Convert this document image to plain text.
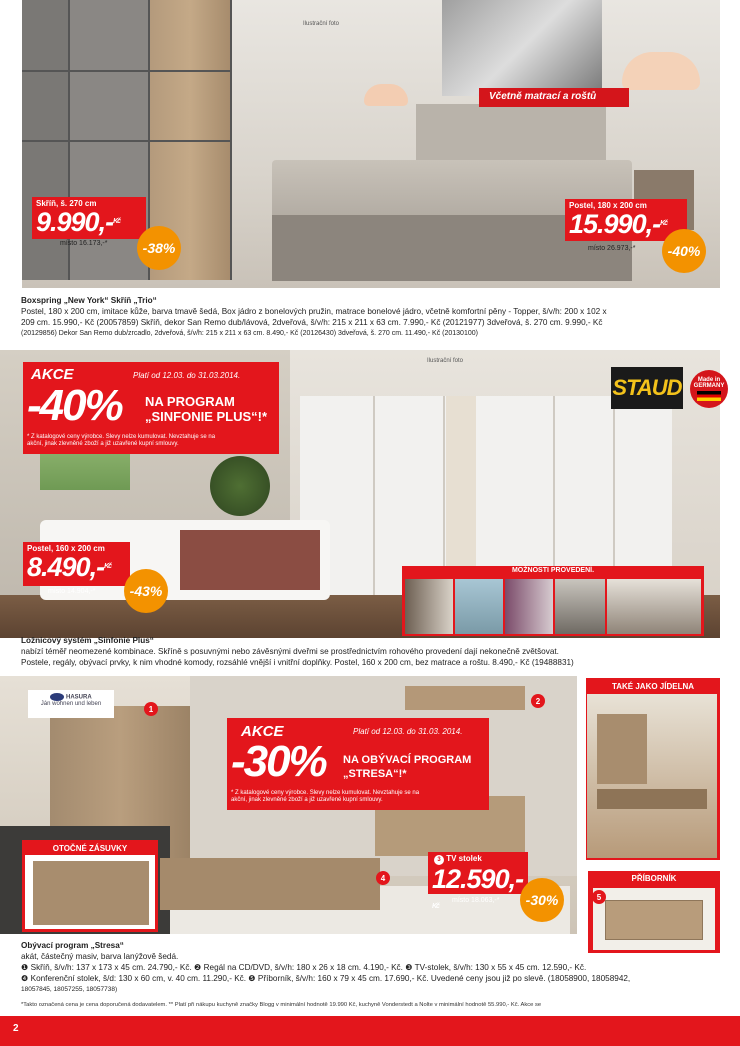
Ilustrační foto
Včetně matrací a roštů
Skříň, š. 270 cm
9.990,-$^{Kč}$
místo 16.173,-*	-38%
Postel, 180 x 200 cm
15.990,-$^{Kč}$
místo 26.973,-*	-40%
Boxspring „New York“ Skříň „Trio“
Postel, 180 x 200 cm, imitace kůže, barva tmavě šedá, Box jádro z bonelových pružin, matrace bonelové jádro, včetně komfortní pěny - Topper, š/v/h: 200 x 102 x
209 cm. 15.990,- Kč (20057859) Skříň, dekor San Remo dub/lávová, 2dveřová, š/v/h: 215 x 211 x 63 cm. 7.990,- Kč (20121977) 3dveřová, š. 270 cm. 9.990,- Kč
(20129856) Dekor San Remo dub/zrcadlo, 2dveřová, š/v/h: 215 x 211 x 63 cm. 8.490,- Kč (20126430) 3dveřová, š. 270 cm. 11.490,- Kč (20130100)
Ilustrační foto
AKCE	Platí od 12.03. do 31.03.2014.
-40% NA PROGRAM
„SINFONIE PLUS“!*
* Z katalogové ceny výrobce. Slevy nelze kumulovat. Nevztahuje se na
akční, jinak zlevněné zboží a již uzavřené kupní smlouvy.
STAUD	Made in
GERMANY
Postel, 160 x 200 cm
8.490,-$^{Kč}$
místo 14.904,-*	-43%
MOŽNOSTI PROVEDENÍ.
Ložnicový systém „Sinfonie Plus“
nabízí téměř neomezené kombinace. Skříně s posuvnými nebo závěsnými dveřmi se prostřednictvím rohového provedení dají nekonečně zvětšovat.
Postele, regály, obývací prvky, k nim vhodné komody, rozsáhlé vnější i vnitřní doplňky. Postel, 160 x 200 cm, bez matrace a roštu. 8.490,- Kč (19488831)
HASURA
Ján wohnen und leben
1
2
4
AKCE	Platí od 12.03. do 31.03. 2014.
-30% NA OBÝVACÍ PROGRAM
„STRESA“!*
* Z katalogové ceny výrobce. Slevy nelze kumulovat. Nevztahuje se na
akční, jinak zlevněné zboží a již uzavřené kupní smlouvy.
TAKÉ JAKO JÍDELNA
OTOČNÉ ZÁSUVKY
3 TV stolek
12.590,-$^{Kč}$
místo 18.063,-*	-30%
PŘÍBORNÍK
5
Obývací program „Stresa“
akát, částečný masiv, barva lanýžově šedá.
❶ Skříň, š/v/h: 137 x 173 x 45 cm. 24.790,- Kč. ❷ Regál na CD/DVD, š/v/h: 180 x 26 x 18 cm. 4.190,- Kč. ❸ TV-stolek, š/v/h: 130 x 55 x 45 cm. 12.590,- Kč.
❹ Konferenční stolek, š/d: 130 x 60 cm, v. 40 cm. 11.290,- Kč. ❺ Příborník, š/v/h: 160 x 79 x 45 cm. 17.690,- Kč. Uvedené ceny jsou již po slevě. (18058900, 18058942,
18057845, 18057255, 18057738)
*Takto označená cena je cena doporučená dodavatelem. ** Platí při nákupu kuchyně značky Blogg v minimální hodnotě 19.990 Kč, kuchyně Vonderstedt a Nolte v minimální hodnotě 55.990,- Kč. Akce se
2
